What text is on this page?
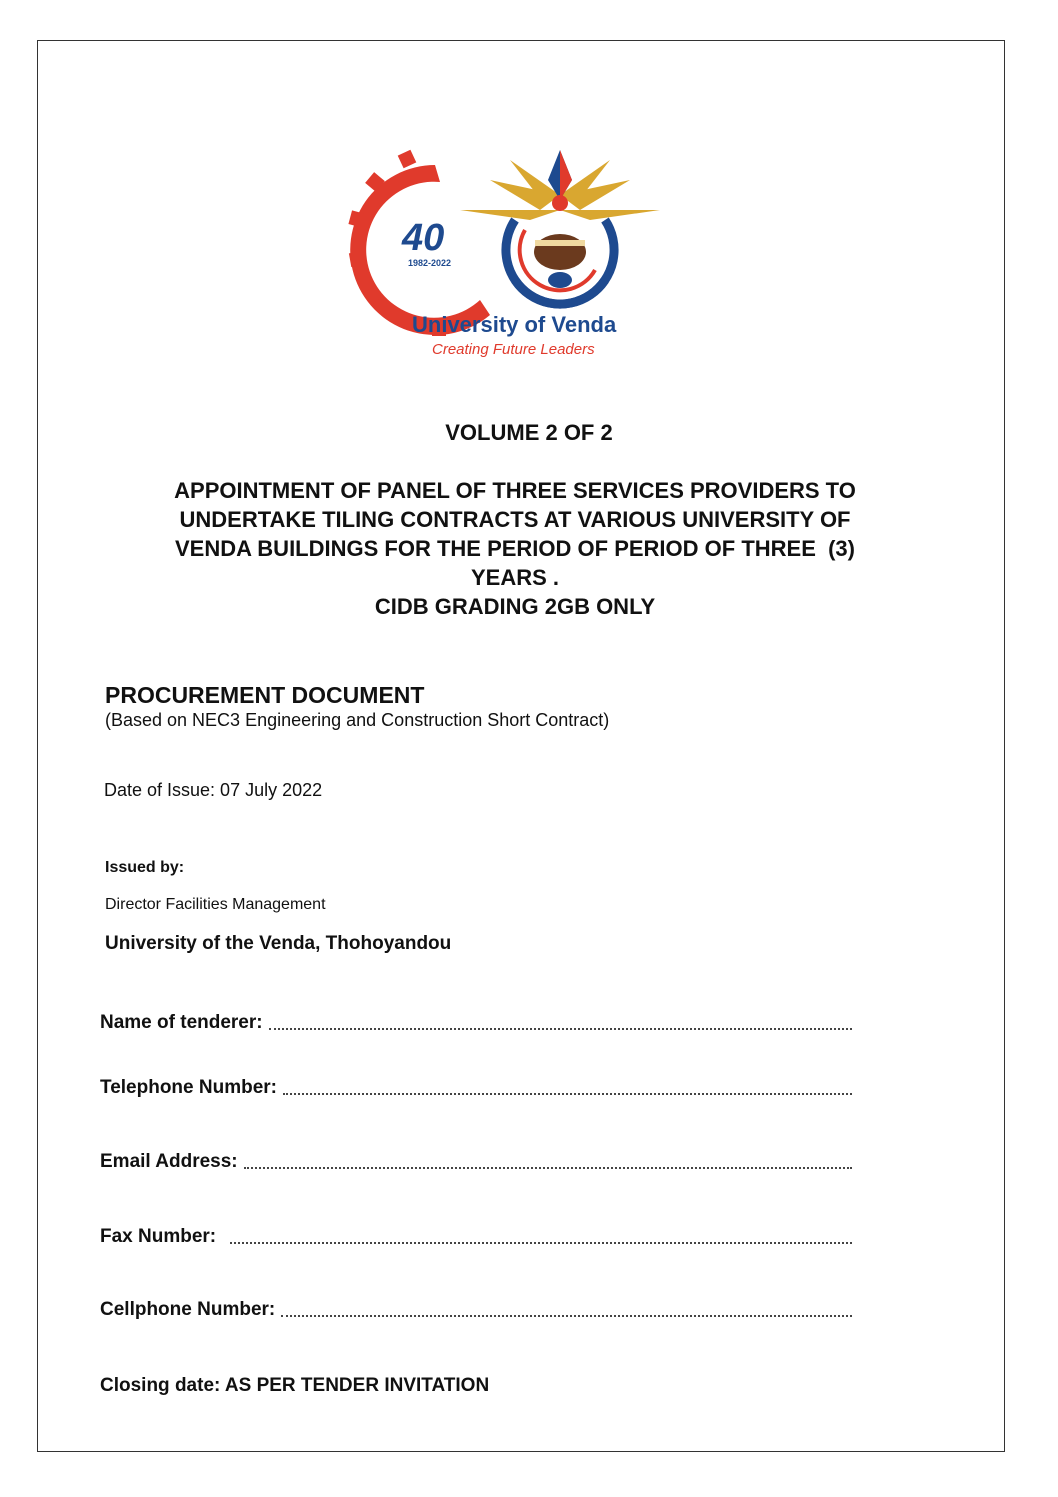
40
1982-2022
University of Venda
Creating Future Leaders
VOLUME 2 OF 2
APPOINTMENT OF PANEL OF THREE SERVICES PROVIDERS TO
UNDERTAKE TILING CONTRACTS AT VARIOUS UNIVERSITY OF
VENDA BUILDINGS FOR THE PERIOD OF PERIOD OF THREE  (3)
YEARS .
CIDB GRADING 2GB ONLY
PROCUREMENT DOCUMENT
(Based on NEC3 Engineering and Construction Short Contract)
Date of Issue: 07 July 2022
Issued by:
Director Facilities Management
University of the Venda, Thohoyandou
Name of tenderer:
Telephone Number:
Email Address:
Fax Number:
Cellphone Number:
Closing date: AS PER TENDER INVITATION
